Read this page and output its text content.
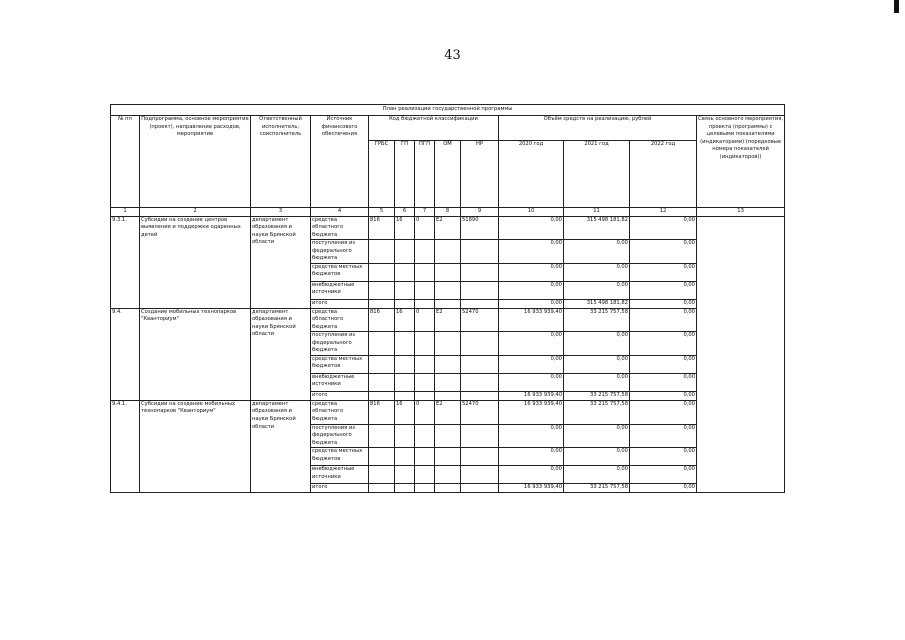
43
План реализации государственной программы												
№ пп	Подпрограмма, основное мероприятие (проект), направление расходов, мероприятие	Ответственный исполнитель, соисполнитель	Источник финансового обеспечения	Код бюджетной классификации					Объём средств на реализацию, рублей			Связь основного мероприятия, проекта (программы) с целевыми показателями (индикаторами) (порядковые номера показателей (индикаторов))
				ГРБС	ГП	ПГП	ОМ	НР	2020 год	2021 год	2022 год	
1	2	3	4	5	6	7	8	9	10	11	12	13
9.3.1.	Субсидии на создание центров выявления и поддержки одаренных детей	департамент образования и науки Брянской области	средства областного бюджета	816	16	0	Е2	51890	0,00	315 498 181,82	0,00	
			поступления из федерального бюджета						0,00	0,00	0,00	
			средства местных бюджетов						0,00	0,00	0,00	
			внебюджетные источники						0,00	0,00	0,00	
			итого						0,00	315 498 181,82	0,00	
9.4.	Создание мобильных технопарков "Кванториум"	департамент образования и науки Брянской области	средства областного бюджета	816	16	0	Е2	52470	16 933 939,40	33 215 757,58	0,00	
			поступления из федерального бюджета						0,00	0,00	0,00	
			средства местных бюджетов						0,00	0,00	0,00	
			внебюджетные источники						0,00	0,00	0,00	
			итого						16 933 939,40	33 215 757,58	0,00	
9.4.1.	Субсидии на создание мобильных технопарков "Кванториум"	департамент образования и науки Брянской области	средства областного бюджета	816	16	0	Е2	52470	16 933 939,40	33 215 757,58	0,00	
			поступления из федерального бюджета						0,00	0,00	0,00	
			средства местных бюджетов						0,00	0,00	0,00	
			внебюджетные источники						0,00	0,00	0,00	
			итого						16 933 939,40	33 215 757,58	0,00	
